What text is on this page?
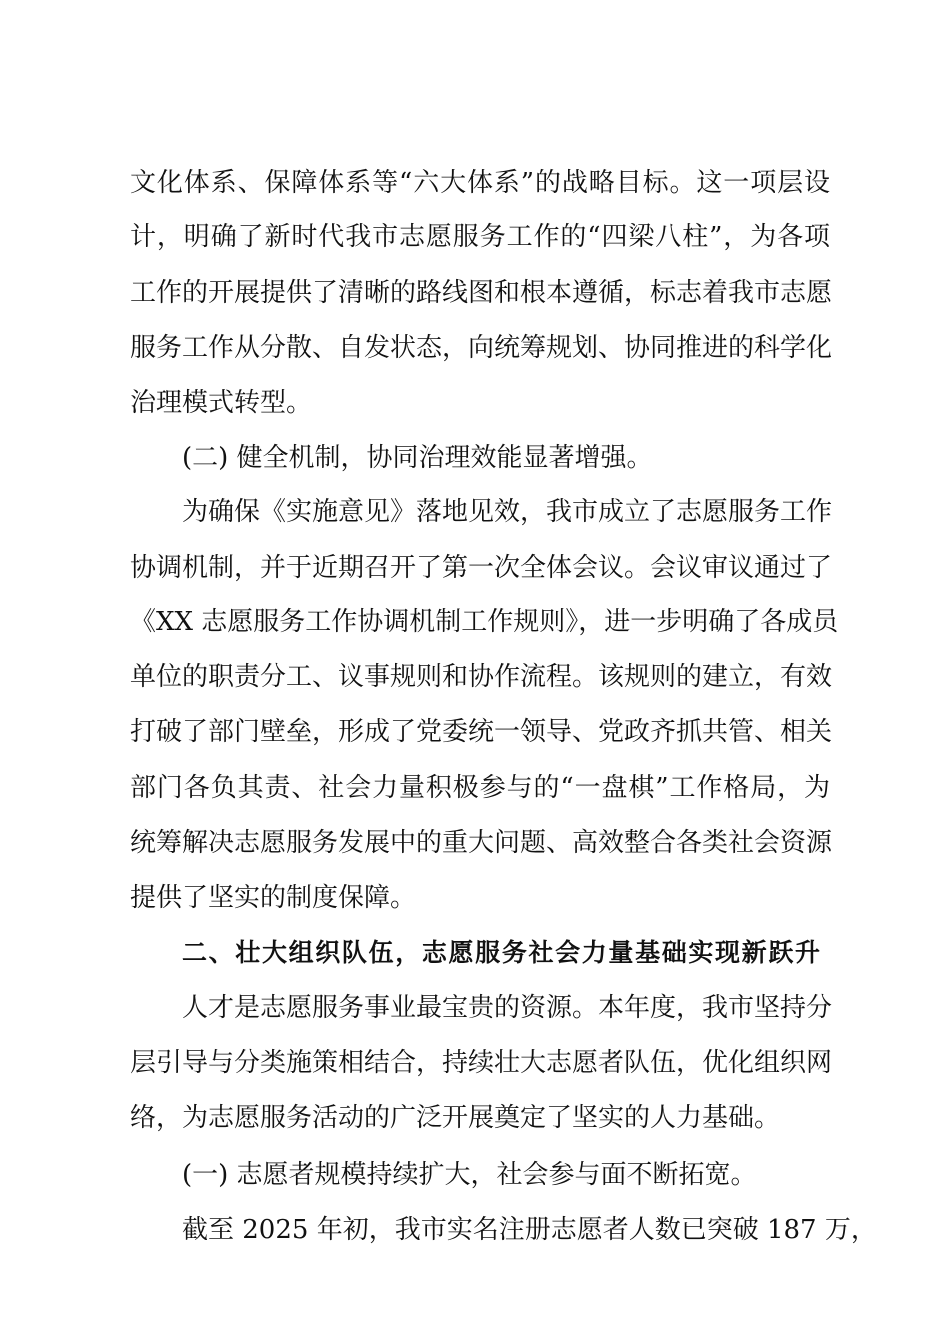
文化体系、保障体系等“六大体系”的战略目标。这一项层设
计，明确了新时代我市志愿服务工作的“四梁八柱”，为各项
工作的开展提供了清晰的路线图和根本遵循，标志着我市志愿
服务工作从分散、自发状态，向统筹规划、协同推进的科学化
治理模式转型。
(二) 健全机制，协同治理效能显著增强。
为确保《实施意见》落地见效，我市成立了志愿服务工作
协调机制，并于近期召开了第一次全体会议。会议审议通过了
《XX 志愿服务工作协调机制工作规则》，进一步明确了各成员
单位的职责分工、议事规则和协作流程。该规则的建立，有效
打破了部门壁垒，形成了党委统一领导、党政齐抓共管、相关
部门各负其责、社会力量积极参与的“一盘棋”工作格局，为
统筹解决志愿服务发展中的重大问题、高效整合各类社会资源
提供了坚实的制度保障。
二、壮大组织队伍，志愿服务社会力量基础实现新跃升
人才是志愿服务事业最宝贵的资源。本年度，我市坚持分
层引导与分类施策相结合，持续壮大志愿者队伍，优化组织网
络，为志愿服务活动的广泛开展奠定了坚实的人力基础。
(一) 志愿者规模持续扩大，社会参与面不断拓宽。
截至 2025 年初，我市实名注册志愿者人数已突破 187 万，
